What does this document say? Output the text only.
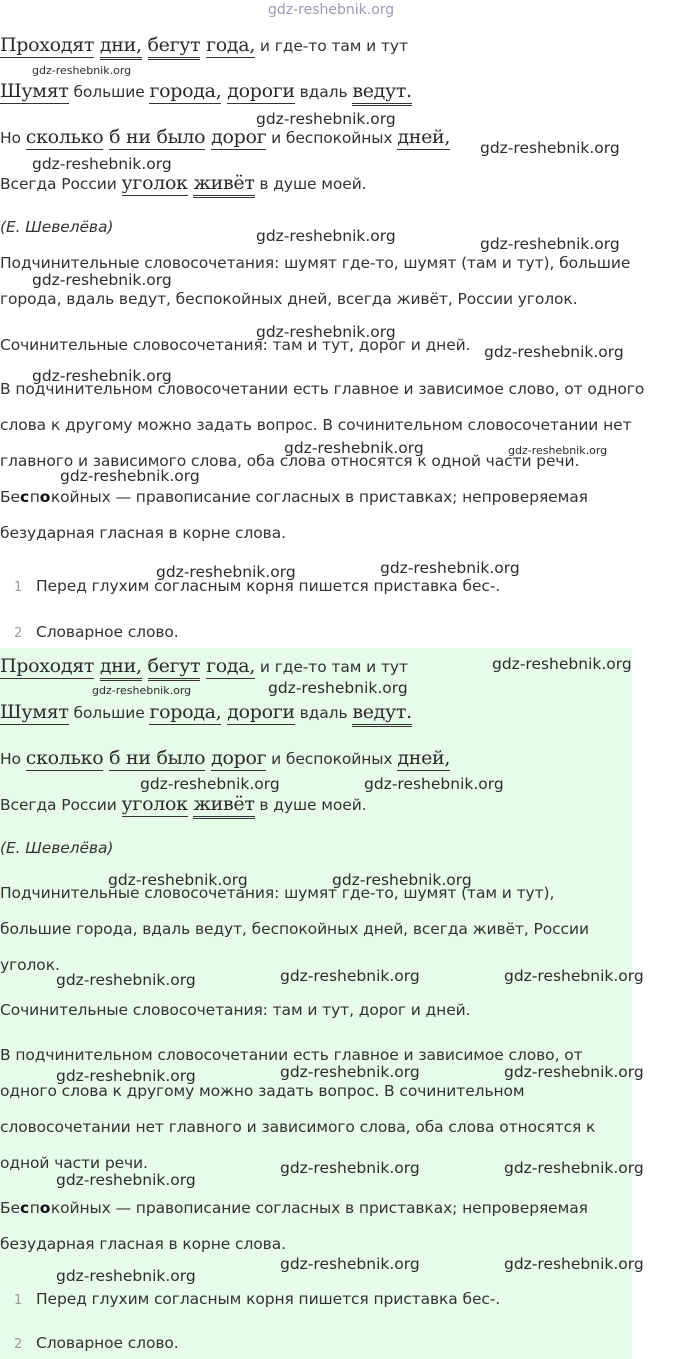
gdz-reshebnik.org
Проходят дни, бегут года, и где-то там и тут
Шумят большие города, дороги вдаль ведут.
Но сколько б ни было дорог и беспокойных дней,
Всегда России уголок живёт в душе моей.
(Е. Шевелёва)
Подчинительные словосочетания: шумят где-то, шумят (там и тут), большие
города, вдаль ведут, беспокойных дней, всегда живёт, России уголок.
Сочинительные словосочетания: там и тут, дорог и дней.
В подчинительном словосочетании есть главное и зависимое слово, от одного
слова к другому можно задать вопрос. В сочинительном словосочетании нет
главного и зависимого слова, оба слова относятся к одной части речи.
Беспокойных — правописание согласных в приставках; непроверяемая
безударная гласная в корне слова.
1 Перед глухим согласным корня пишется приставка бес-.
2 Словарное слово.
Проходят дни, бегут года, и где-то там и тут
Шумят большие города, дороги вдаль ведут.
Но сколько б ни было дорог и беспокойных дней,
Всегда России уголок живёт в душе моей.
(Е. Шевелёва)
Подчинительные словосочетания: шумят где-то, шумят (там и тут),
большие города, вдаль ведут, беспокойных дней, всегда живёт, России
уголок.
Сочинительные словосочетания: там и тут, дорог и дней.
В подчинительном словосочетании есть главное и зависимое слово, от
одного слова к другому можно задать вопрос. В сочинительном
словосочетании нет главного и зависимого слова, оба слова относятся к
одной части речи.
Беспокойных — правописание согласных в приставках; непроверяемая
безударная гласная в корне слова.
1 Перед глухим согласным корня пишется приставка бес-.
2 Словарное слово.
gdz-reshebnik.org
gdz-reshebnik.org
gdz-reshebnik.org
gdz-reshebnik.org
gdz-reshebnik.org	gdz-reshebnik.org
gdz-reshebnik.org
gdz-reshebnik.org
gdz-reshebnik.org
gdz-reshebnik.org
gdz-reshebnik.org	gdz-reshebnik.org
gdz-reshebnik.org
gdz-reshebnik.org
gdz-reshebnik.org
gdz-reshebnik.org
gdz-reshebnik.org	gdz-reshebnik.org
gdz-reshebnik.org	gdz-reshebnik.org
gdz-reshebnik.org	gdz-reshebnik.org
gdz-reshebnik.org	gdz-reshebnik.org	gdz-reshebnik.org
gdz-reshebnik.org	gdz-reshebnik.org	gdz-reshebnik.org
gdz-reshebnik.org
gdz-reshebnik.org	gdz-reshebnik.org
gdz-reshebnik.org
gdz-reshebnik.org	gdz-reshebnik.org
